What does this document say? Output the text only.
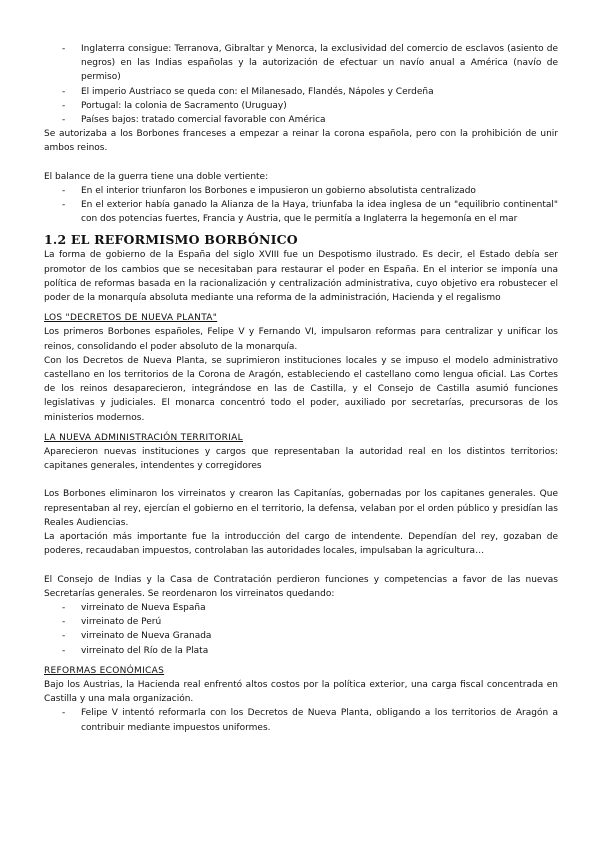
- Inglaterra consigue: Terranova, Gibraltar y Menorca, la exclusividad del comercio de esclavos (asiento de negros) en las Indias españolas y la autorización de efectuar un navío anual a América (navío de permiso)
- El imperio Austriaco se queda con: el Milanesado, Flandés, Nápoles y Cerdeña
- Portugal: la colonia de Sacramento (Uruguay)
- Países bajos: tratado comercial favorable con América

Se autorizaba a los Borbones franceses a empezar a reinar la corona española, pero con la prohibición de unir ambos reinos.

El balance de la guerra tiene una doble vertiente:

- En el interior triunfaron los Borbones e impusieron un gobierno absolutista centralizado
- En el exterior había ganado la Alianza de la Haya, triunfaba la idea inglesa de un "equilibrio continental" con dos potencias fuertes, Francia y Austria, que le permitía a Inglaterra la hegemonía en el mar
1.2 EL REFORMISMO BORBÓNICO

La forma de gobierno de la España del siglo XVIII fue un Despotismo ilustrado. Es decir, el Estado debía ser promotor de los cambios que se necesitaban para restaurar el poder en España. En el interior se imponía una política de reformas basada en la racionalización y centralización administrativa, cuyo objetivo era robustecer el poder de la monarquía absoluta mediante una reforma de la administración, Hacienda y el regalismo

LOS "DECRETOS DE NUEVA PLANTA"

Los primeros Borbones españoles, Felipe V y Fernando VI, impulsaron reformas para centralizar y unificar los reinos, consolidando el poder absoluto de la monarquía.

Con los Decretos de Nueva Planta, se suprimieron instituciones locales y se impuso el modelo administrativo castellano en los territorios de la Corona de Aragón, estableciendo el castellano como lengua oficial. Las Cortes de los reinos desaparecieron, integrándose en las de Castilla, y el Consejo de Castilla asumió funciones legislativas y judiciales. El monarca concentró todo el poder, auxiliado por secretarías, precursoras de los ministerios modernos.

LA NUEVA ADMINISTRACIÓN TERRITORIAL

Aparecieron nuevas instituciones y cargos que representaban la autoridad real en los distintos territorios: capitanes generales, intendentes y corregidores

Los Borbones eliminaron los virreinatos y crearon las Capitanías, gobernadas por los capitanes generales. Que representaban al rey, ejercían el gobierno en el territorio, la defensa, velaban por el orden público y presidían las Reales Audiencias.

La aportación más importante fue la introducción del cargo de intendente. Dependían del rey, gozaban de poderes, recaudaban impuestos, controlaban las autoridades locales, impulsaban la agricultura…

El Consejo de Indias y la Casa de Contratación perdieron funciones y competencias a favor de las nuevas Secretarías generales. Se reordenaron los virreinatos quedando:

- virreinato de Nueva España
- virreinato de Perú
- virreinato de Nueva Granada
- virreinato del Río de la Plata
REFORMAS ECONÓMICAS

Bajo los Austrias, la Hacienda real enfrentó altos costos por la política exterior, una carga fiscal concentrada en Castilla y una mala organización.

- Felipe V intentó reformarla con los Decretos de Nueva Planta, obligando a los territorios de Aragón a contribuir mediante impuestos uniformes.
